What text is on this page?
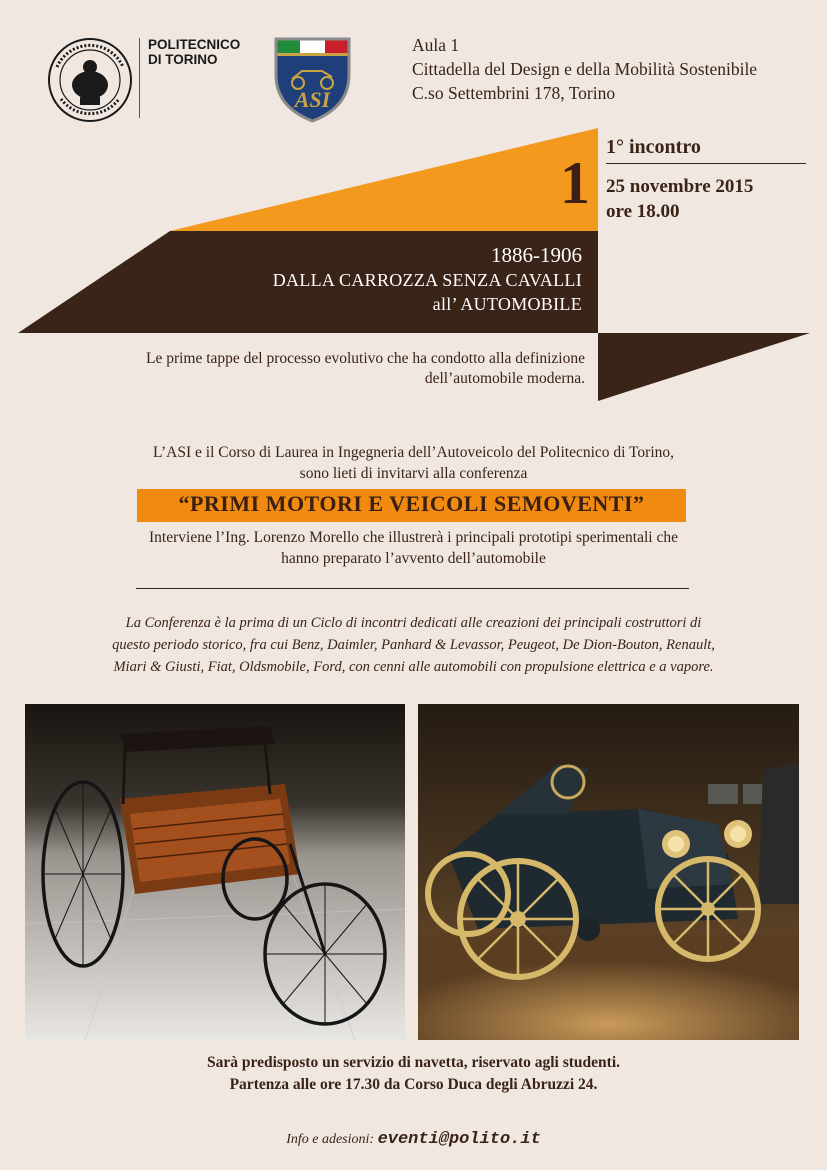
POLITECNICO
DI TORINO
ASI
Aula 1
Cittadella del Design e della Mobilità Sostenibile
C.so Settembrini 178, Torino
1
1° incontro
25 novembre 2015
ore 18.00
1886-1906
DALLA CARROZZA SENZA CAVALLI
all’ AUTOMOBILE
Le prime tappe del processo evolutivo che ha condotto alla definizione
dell’automobile moderna.
L’ASI e il Corso di Laurea in Ingegneria dell’Autoveicolo del Politecnico di Torino,
sono lieti di invitarvi alla conferenza
“PRIMI MOTORI E VEICOLI SEMOVENTI”
Interviene l’Ing. Lorenzo Morello che illustrerà i principali prototipi sperimentali che
hanno preparato l’avvento dell’automobile
La Conferenza è la prima di un Ciclo di incontri dedicati alle creazioni dei principali costruttori di
questo periodo storico, fra cui Benz, Daimler, Panhard & Levassor, Peugeot, De Dion-Bouton, Renault,
Miari & Giusti, Fiat, Oldsmobile, Ford, con cenni alle automobili con propulsione elettrica e a vapore.
Sarà predisposto un servizio di navetta, riservato agli studenti.
Partenza alle ore 17.30 da Corso Duca degli Abruzzi 24.
Info e adesioni: eventi@polito.it
